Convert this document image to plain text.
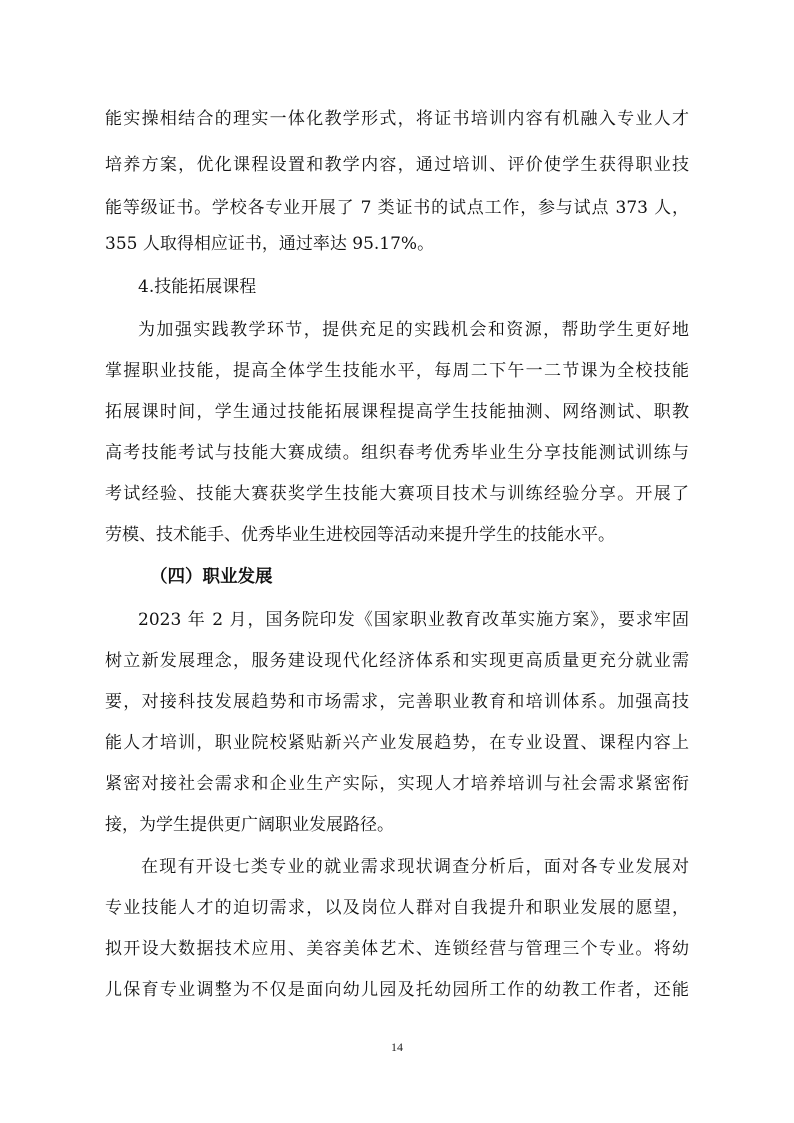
能实操相结合的理实一体化教学形式，将证书培训内容有机融入专业人才
培养方案，优化课程设置和教学内容，通过培训、评价使学生获得职业技
能等级证书。学校各专业开展了 7 类证书的试点工作，参与试点 373 人，
355 人取得相应证书，通过率达 95.17%。
4.技能拓展课程
为加强实践教学环节，提供充足的实践机会和资源，帮助学生更好地
掌握职业技能，提高全体学生技能水平，每周二下午一二节课为全校技能
拓展课时间，学生通过技能拓展课程提高学生技能抽测、网络测试、职教
高考技能考试与技能大赛成绩。组织春考优秀毕业生分享技能测试训练与
考试经验、技能大赛获奖学生技能大赛项目技术与训练经验分享。开展了
劳模、技术能手、优秀毕业生进校园等活动来提升学生的技能水平。
（四）职业发展
2023 年 2 月，国务院印发《国家职业教育改革实施方案》，要求牢固
树立新发展理念，服务建设现代化经济体系和实现更高质量更充分就业需
要，对接科技发展趋势和市场需求，完善职业教育和培训体系。加强高技
能人才培训，职业院校紧贴新兴产业发展趋势，在专业设置、课程内容上
紧密对接社会需求和企业生产实际，实现人才培养培训与社会需求紧密衔
接，为学生提供更广阔职业发展路径。
在现有开设七类专业的就业需求现状调查分析后，面对各专业发展对
专业技能人才的迫切需求，以及岗位人群对自我提升和职业发展的愿望，
拟开设大数据技术应用、美容美体艺术、连锁经营与管理三个专业。将幼
儿保育专业调整为不仅是面向幼儿园及托幼园所工作的幼教工作者，还能
14
